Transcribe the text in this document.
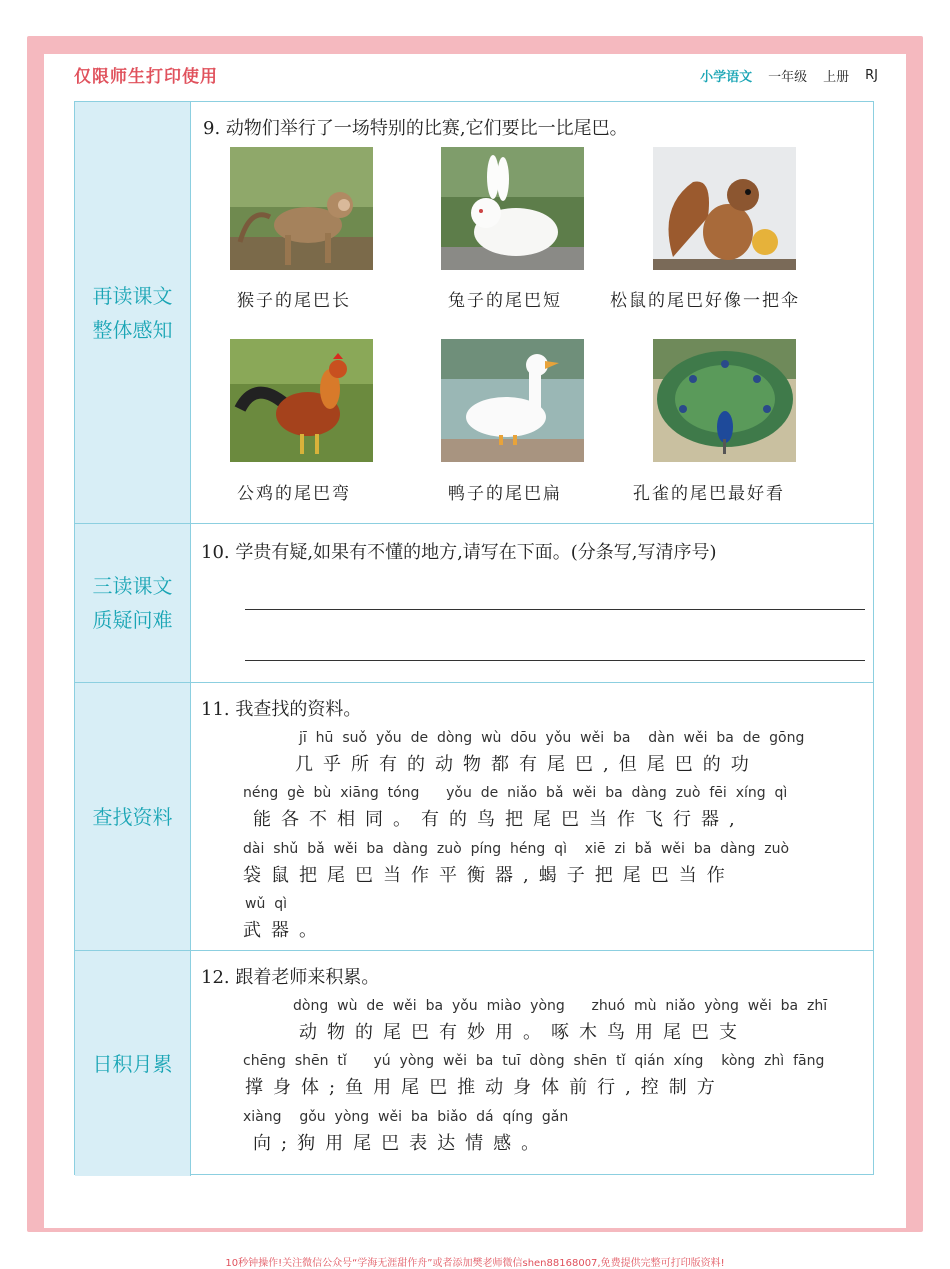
仅限师生打印使用	小学语文 一年级 上册 RJ
再读课文
整体感知
9. 动物们举行了一场特别的比赛,它们要比一比尾巴。
猴子的尾巴长	兔子的尾巴短	松鼠的尾巴好像一把伞
公鸡的尾巴弯	鸭子的尾巴扁	孔雀的尾巴最好看
三读课文
质疑问难
10. 学贵有疑,如果有不懂的地方,请写在下面。(分条写,写清序号)
查找资料
11. 我查找的资料。
jī  hū  suǒ  yǒu  de  dòng  wù  dōu  yǒu  wěi  ba    dàn  wěi  ba  de  gōng
几乎所有的动物都有尾巴,但尾巴的功
néng  gè  bù  xiāng  tóng      yǒu  de  niǎo  bǎ  wěi  ba  dàng  zuò  fēi  xíng  qì
能各不相同。有的鸟把尾巴当作飞行器,
dài  shǔ  bǎ  wěi  ba  dàng  zuò  píng  héng  qì    xiē  zi  bǎ  wěi  ba  dàng  zuò
袋鼠把尾巴当作平衡器,蝎子把尾巴当作
wǔ  qì
武器。
日积月累
12. 跟着老师来积累。
dòng  wù  de  wěi  ba  yǒu  miào  yòng      zhuó  mù  niǎo  yòng  wěi  ba  zhī
动物的尾巴有妙用。啄木鸟用尾巴支
chēng  shēn  tǐ      yú  yòng  wěi  ba  tuī  dòng  shēn  tǐ  qián  xíng    kòng  zhì  fāng
撑身体;鱼用尾巴推动身体前行,控制方
xiàng    gǒu  yòng  wěi  ba  biǎo  dá  qíng  gǎn
向;狗用尾巴表达情感。
10秒钟操作!关注微信公众号“学海无涯甜作舟”或者添加樊老师微信shen88168007,免费提供完整可打印版资料!
